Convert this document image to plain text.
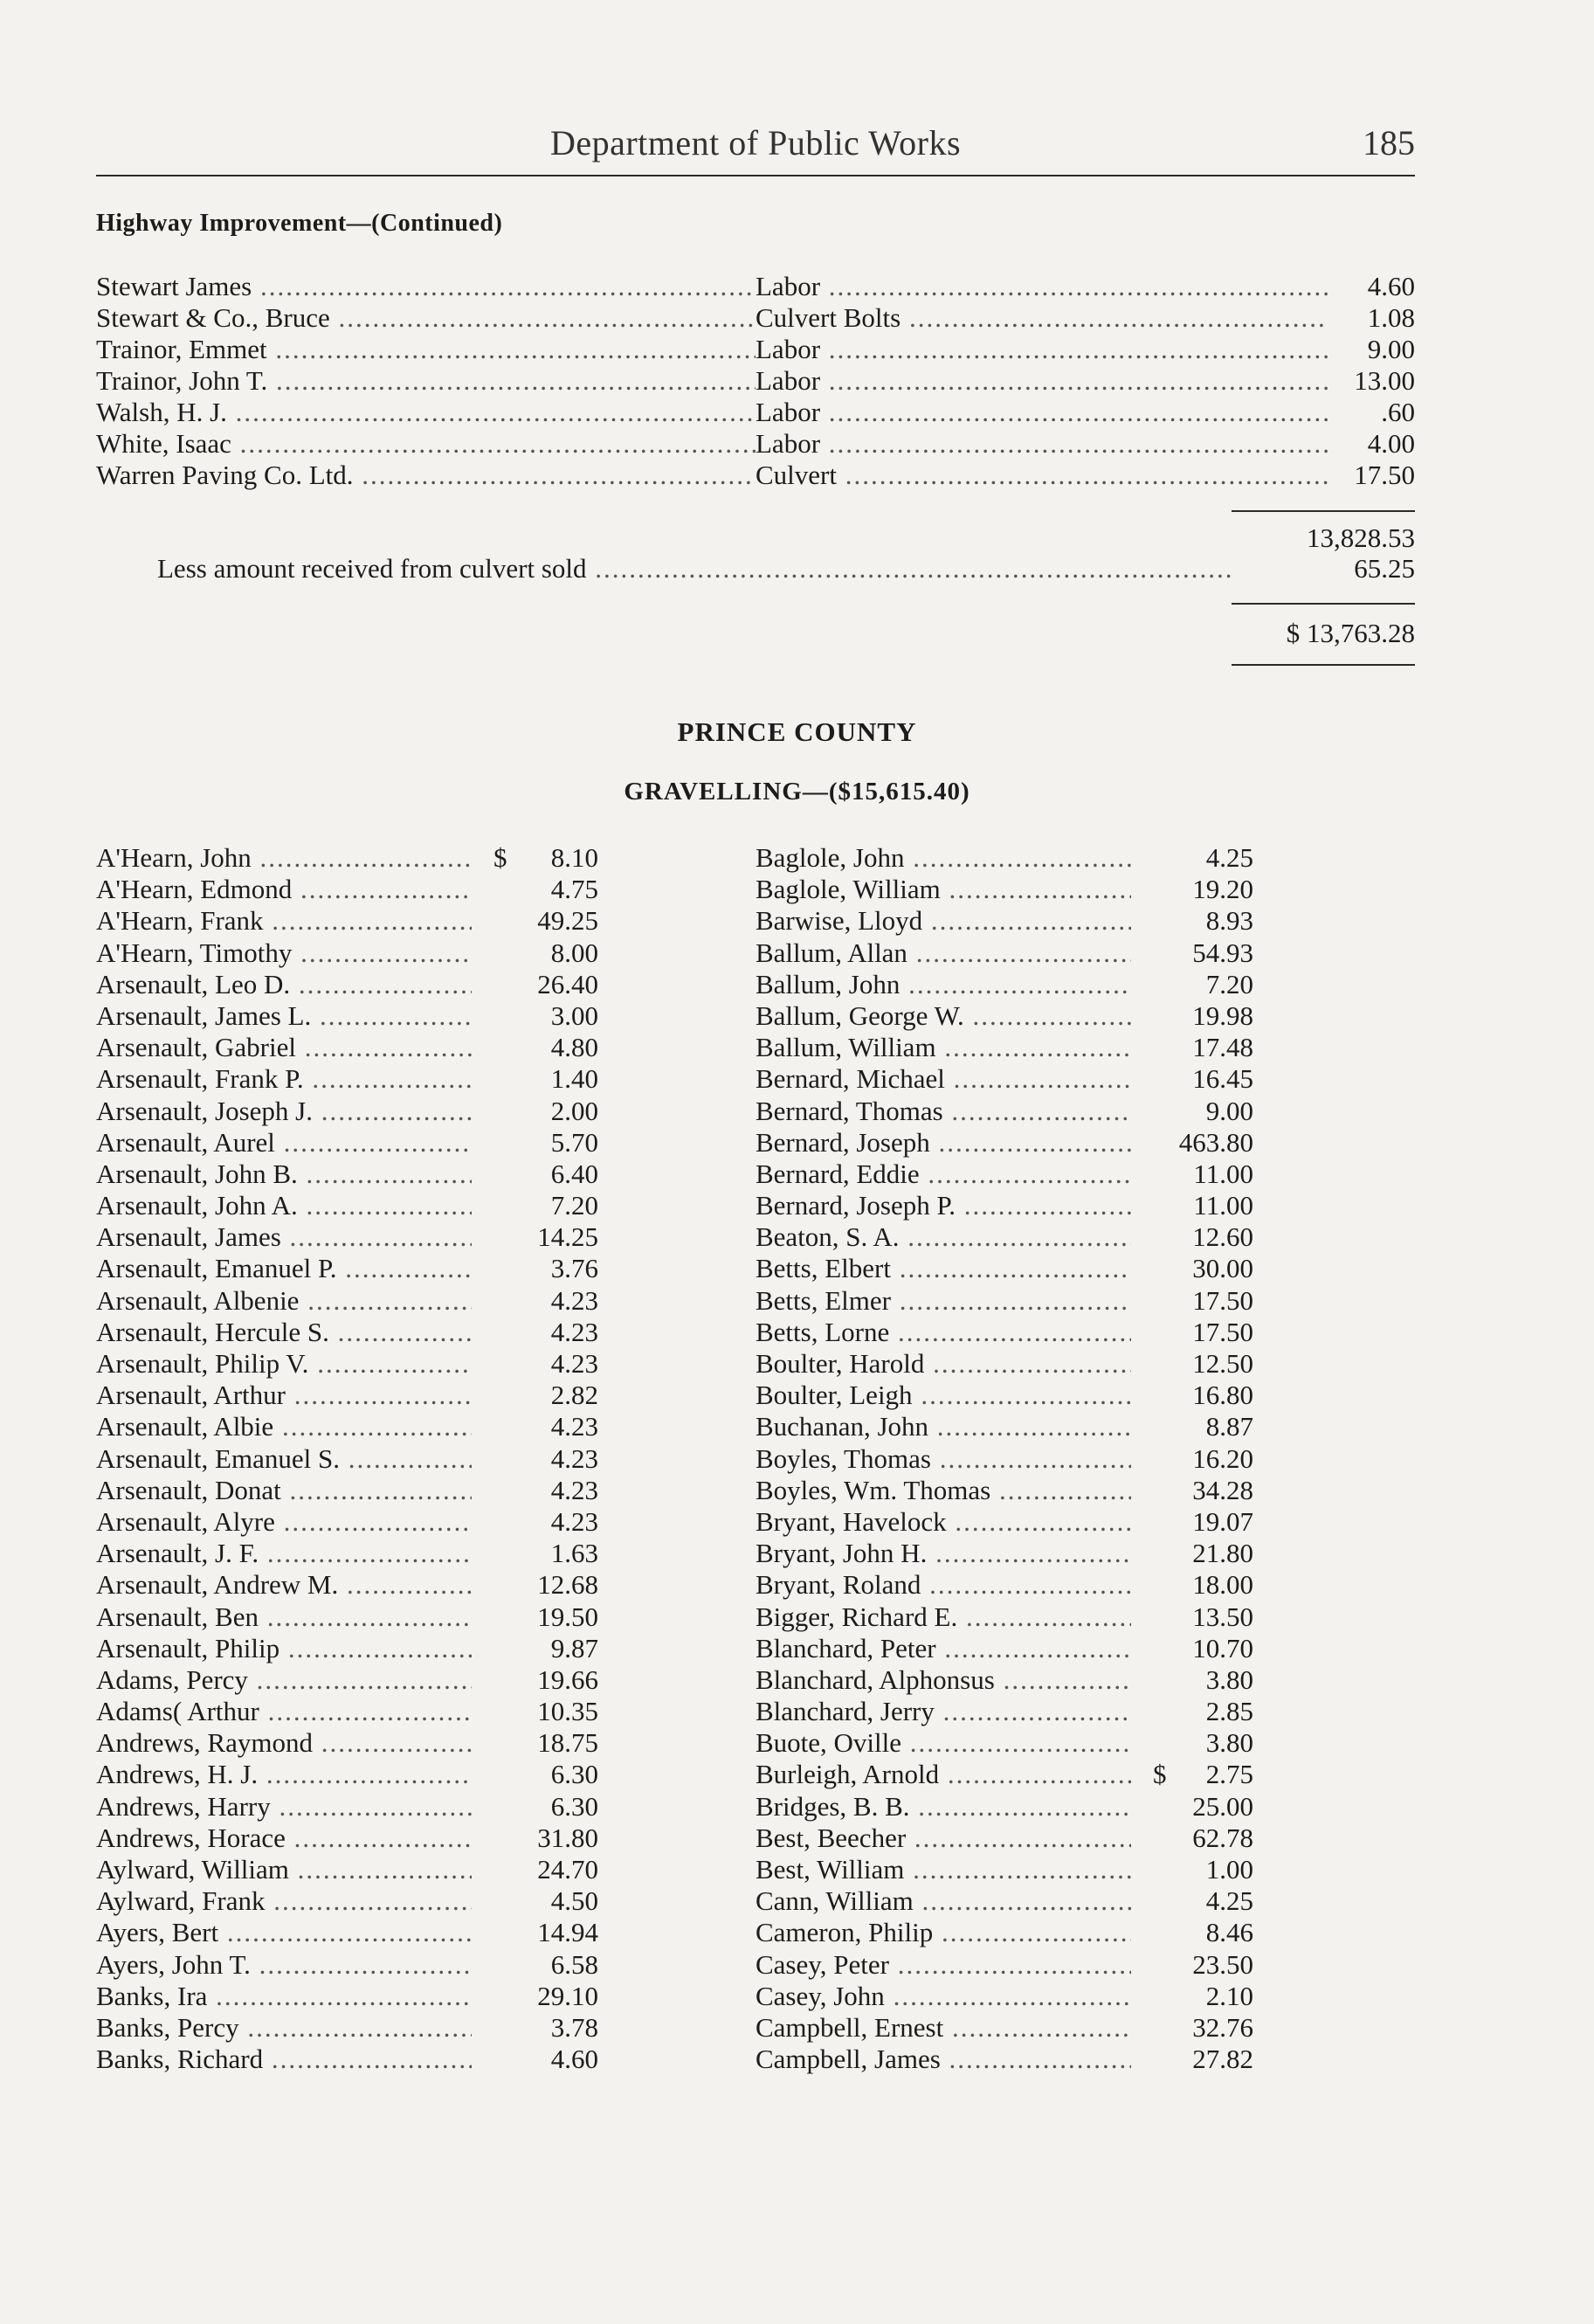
Department of Public Works	185
Highway Improvement—(Continued)
Stewart James .....	Labor .....	4.60
Stewart & Co., Bruce .....	Culvert Bolts .....	1.08
Trainor, Emmet .....	Labor .....	9.00
Trainor, John T. .....	Labor .....	13.00
Walsh, H. J. .....	Labor .....	.60
White, Isaac .....	Labor .....	4.00
Warren Paving Co. Ltd. .....	Culvert .....	17.50
13,828.53
Less amount received from culvert sold .....	65.25
$ 13,763.28
PRINCE COUNTY
GRAVELLING—($15,615.40)
A'Hearn, John .....	$ 8.10
A'Hearn, Edmond .....	4.75
A'Hearn, Frank .....	49.25
A'Hearn, Timothy .....	8.00
Arsenault, Leo D. .....	26.40
Arsenault, James L. .....	3.00
Arsenault, Gabriel .....	4.80
Arsenault, Frank P. .....	1.40
Arsenault, Joseph J. .....	2.00
Arsenault, Aurel .....	5.70
Arsenault, John B. .....	6.40
Arsenault, John A. .....	7.20
Arsenault, James .....	14.25
Arsenault, Emanuel P. .....	3.76
Arsenault, Albenie .....	4.23
Arsenault, Hercule S. .....	4.23
Arsenault, Philip V. .....	4.23
Arsenault, Arthur .....	2.82
Arsenault, Albie .....	4.23
Arsenault, Emanuel S. .....	4.23
Arsenault, Donat .....	4.23
Arsenault, Alyre .....	4.23
Arsenault, J. F. .....	1.63
Arsenault, Andrew M. .....	12.68
Arsenault, Ben .....	19.50
Arsenault, Philip .....	9.87
Adams, Percy .....	19.66
Adams( Arthur .....	10.35
Andrews, Raymond .....	18.75
Andrews, H. J. .....	6.30
Andrews, Harry .....	6.30
Andrews, Horace .....	31.80
Aylward, William .....	24.70
Aylward, Frank .....	4.50
Ayers, Bert .....	14.94
Ayers, John T. .....	6.58
Banks, Ira .....	29.10
Banks, Percy .....	3.78
Banks, Richard .....	4.60
Baglole, John .....	4.25
Baglole, William .....	19.20
Barwise, Lloyd .....	8.93
Ballum, Allan .....	54.93
Ballum, John .....	7.20
Ballum, George W. .....	19.98
Ballum, William .....	17.48
Bernard, Michael .....	16.45
Bernard, Thomas .....	9.00
Bernard, Joseph .....	463.80
Bernard, Eddie .....	11.00
Bernard, Joseph P. .....	11.00
Beaton, S. A. .....	12.60
Betts, Elbert .....	30.00
Betts, Elmer .....	17.50
Betts, Lorne .....	17.50
Boulter, Harold .....	12.50
Boulter, Leigh .....	16.80
Buchanan, John .....	8.87
Boyles, Thomas .....	16.20
Boyles, Wm. Thomas .....	34.28
Bryant, Havelock .....	19.07
Bryant, John H. .....	21.80
Bryant, Roland .....	18.00
Bigger, Richard E. .....	13.50
Blanchard, Peter .....	10.70
Blanchard, Alphonsus .....	3.80
Blanchard, Jerry .....	2.85
Buote, Oville .....	3.80
Burleigh, Arnold .....	$ 2.75
Bridges, B. B. .....	25.00
Best, Beecher .....	62.78
Best, William .....	1.00
Cann, William .....	4.25
Cameron, Philip .....	8.46
Casey, Peter .....	23.50
Casey, John .....	2.10
Campbell, Ernest .....	32.76
Campbell, James .....	27.82
